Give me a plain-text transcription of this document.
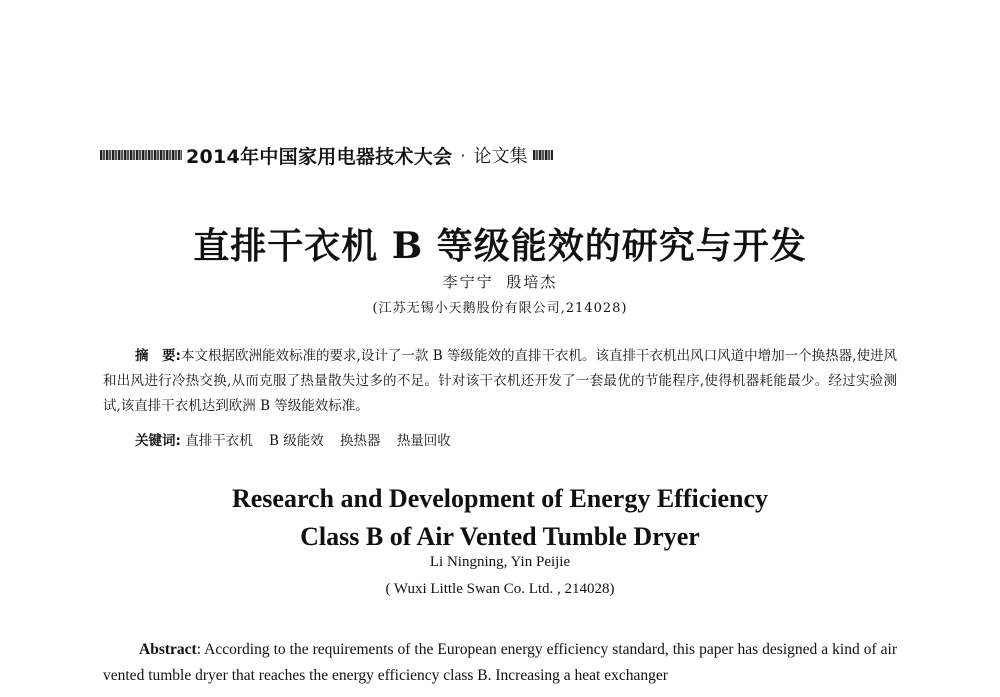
2014年中国家用电器技术大会 · 论文集
直排干衣机 B 等级能效的研究与开发
李宁宁 殷培杰
(江苏无锡小天鹅股份有限公司,214028)
摘　要:本文根据欧洲能效标准的要求,设计了一款 B 等级能效的直排干衣机。该直排干衣机出风口风道中增加一个换热器,使进风和出风进行冷热交换,从而克服了热量散失过多的不足。针对该干衣机还开发了一套最优的节能程序,使得机器耗能最少。经过实验测试,该直排干衣机达到欧洲 B 等级能效标准。
关键词: 直排干衣机 B 级能效 换热器 热量回收
Research and Development of Energy Efficiency
Class B of Air Vented Tumble Dryer
Li Ningning, Yin Peijie
( Wuxi Little Swan Co. Ltd. , 214028)
Abstract: According to the requirements of the European energy efficiency standard, this paper has designed a kind of air vented tumble dryer that reaches the energy efficiency class B. Increasing a heat exchanger
